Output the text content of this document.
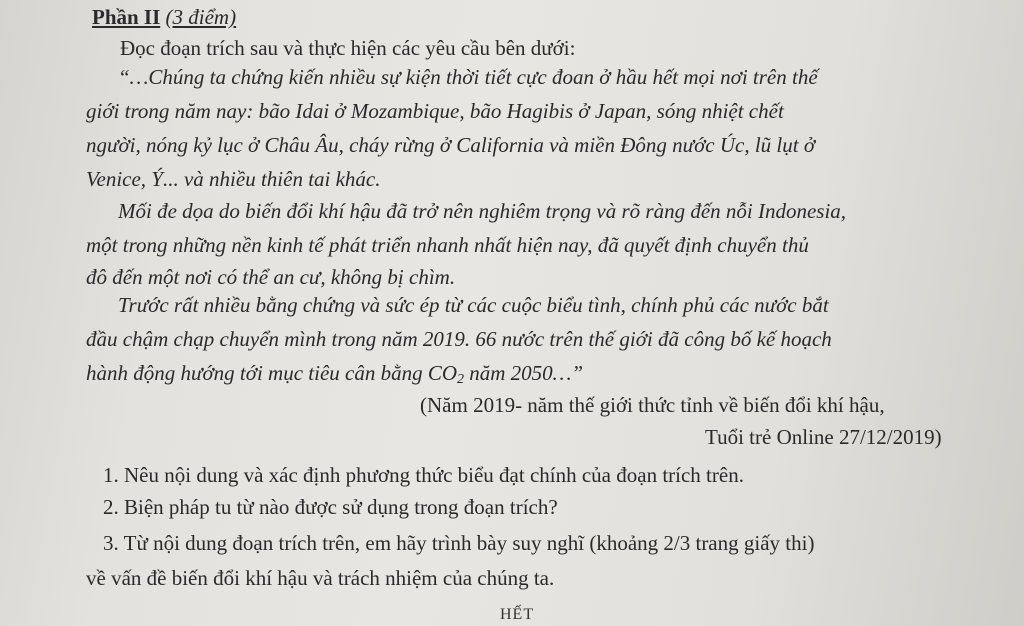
Phần II (3 điểm)
Đọc đoạn trích sau và thực hiện các yêu cầu bên dưới:
“…Chúng ta chứng kiến nhiều sự kiện thời tiết cực đoan ở hầu hết mọi nơi trên thế
giới trong năm nay: bão Idai ở Mozambique, bão Hagibis ở Japan, sóng nhiệt chết
người, nóng kỷ lục ở Châu Âu, cháy rừng ở California và miền Đông nước Úc, lũ lụt ở
Venice, Ý... và nhiều thiên tai khác.
Mối đe dọa do biến đổi khí hậu đã trở nên nghiêm trọng và rõ ràng đến nỗi Indonesia,
một trong những nền kinh tế phát triển nhanh nhất hiện nay, đã quyết định chuyển thủ
đô đến một nơi có thể an cư, không bị chìm.
Trước rất nhiều bằng chứng và sức ép từ các cuộc biểu tình, chính phủ các nước bắt
đầu chậm chạp chuyển mình trong năm 2019. 66 nước trên thế giới đã công bố kế hoạch
hành động hướng tới mục tiêu cân bằng $CO_2$ năm 2050…”
(Năm 2019- năm thế giới thức tỉnh về biến đổi khí hậu,
Tuổi trẻ Online 27/12/2019)
1. Nêu nội dung và xác định phương thức biểu đạt chính của đoạn trích trên.
2. Biện pháp tu từ nào được sử dụng trong đoạn trích?
3. Từ nội dung đoạn trích trên, em hãy trình bày suy nghĩ (khoảng 2/3 trang giấy thi)
về vấn đề biến đổi khí hậu và trách nhiệm của chúng ta.
HẾT
